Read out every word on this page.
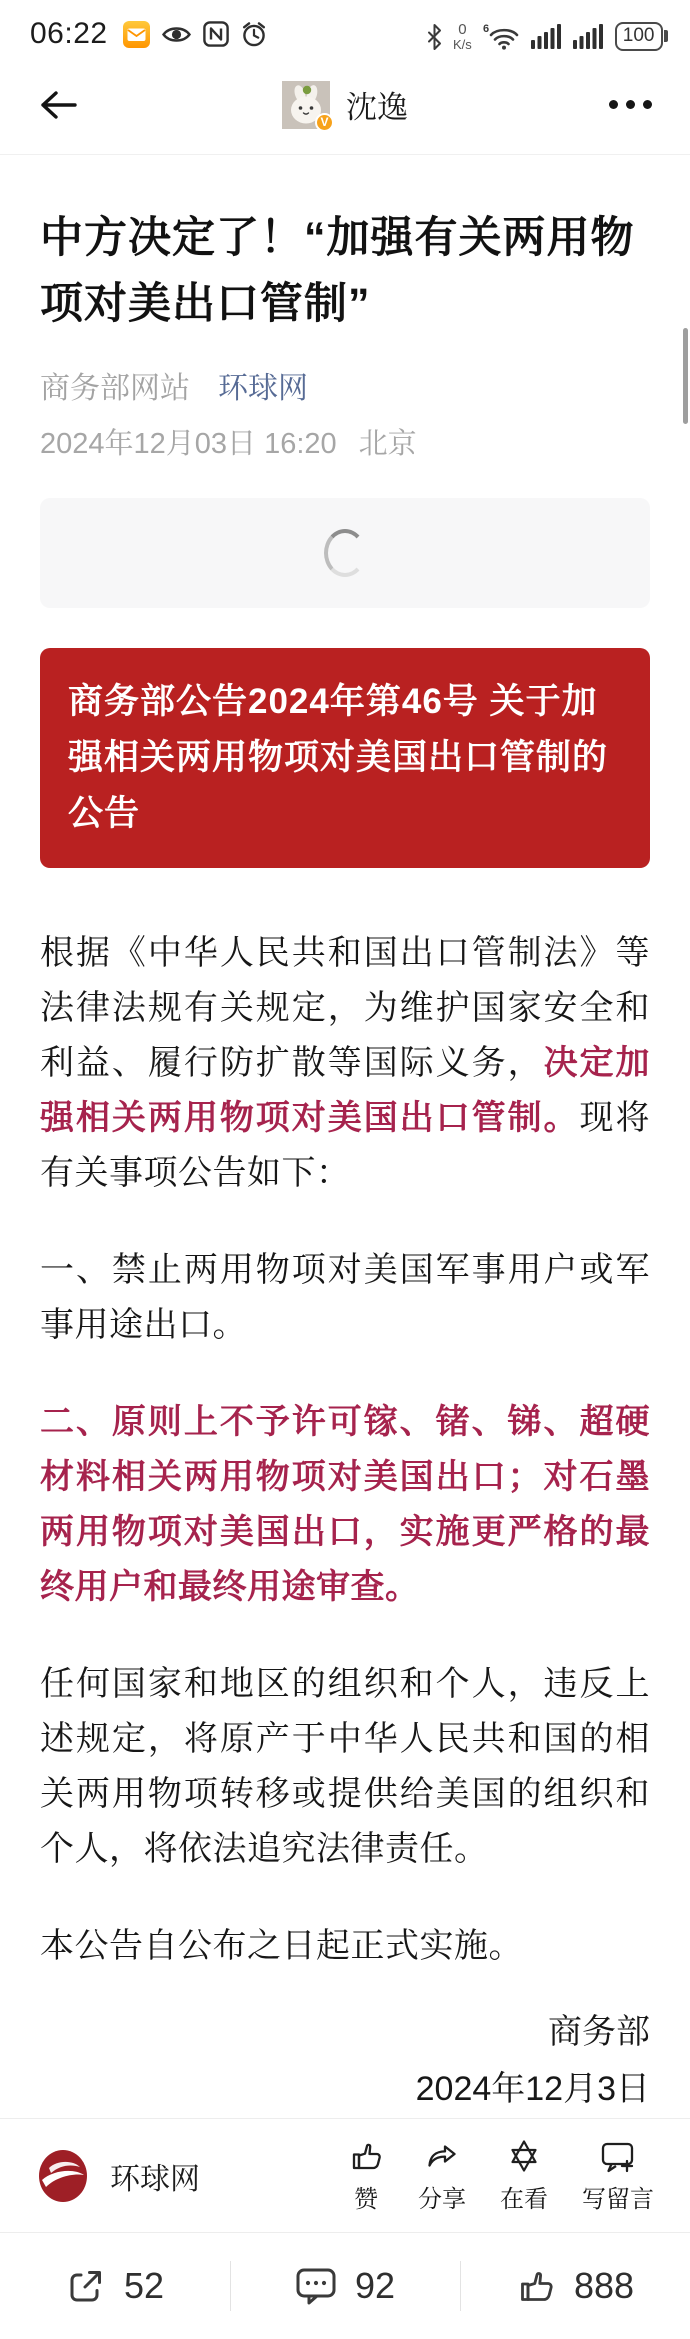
06:22	0
K/s
6	100
V 沈逸
中方决定了！“加强有关两用物项对美出口管制”
商务部网站 环球网
2024年12月03日 16:20 北京
商务部公告2024年第46号 关于加强相关两用物项对美国出口管制的公告

根据《中华人民共和国出口管制法》等法律法规有关规定，为维护国家安全和利益、履行防扩散等国际义务，决定加强相关两用物项对美国出口管制。现将有关事项公告如下：

一、禁止两用物项对美国军事用户或军事用途出口。

二、原则上不予许可镓、锗、锑、超硬材料相关两用物项对美国出口；对石墨两用物项对美国出口，实施更严格的最终用户和最终用途审查。

任何国家和地区的组织和个人，违反上述规定，将原产于中华人民共和国的相关两用物项转移或提供给美国的组织和个人，将依法追究法律责任。

本公告自公布之日起正式实施。

商务部
2024年12月3日
环球网
赞 分享 在看 写留言
52	92	888
